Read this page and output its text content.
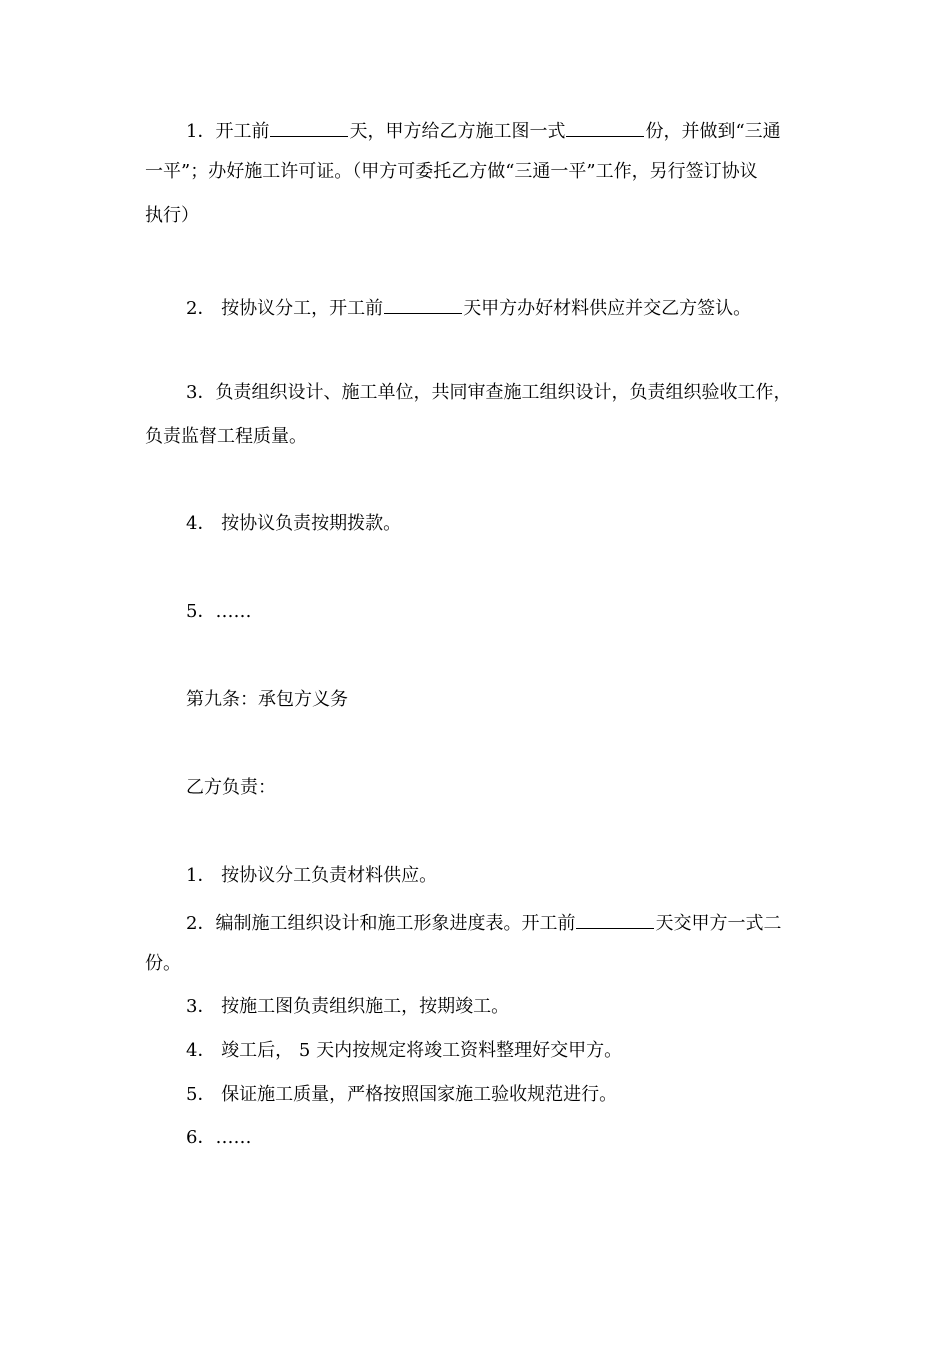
1．开工前	天，甲方给乙方施工图一式	份，并做到“三通
一平”；办好施工许可证。（甲方可委托乙方做“三通一平”工作，另行签订协议
执行）
2． 按协议分工，开工前	天甲方办好材料供应并交乙方签认。
3．负责组织设计、施工单位，共同审查施工组织设计，负责组织验收工作，
负责监督工程质量。
4． 按协议负责按期拨款。
5．……
第九条：承包方义务
乙方负责：
1． 按协议分工负责材料供应。
2．编制施工组织设计和施工形象进度表。开工前	天交甲方一式二
份。
3． 按施工图负责组织施工，按期竣工。
4． 竣工后， 5 天内按规定将竣工资料整理好交甲方。
5． 保证施工质量，严格按照国家施工验收规范进行。
6．……
